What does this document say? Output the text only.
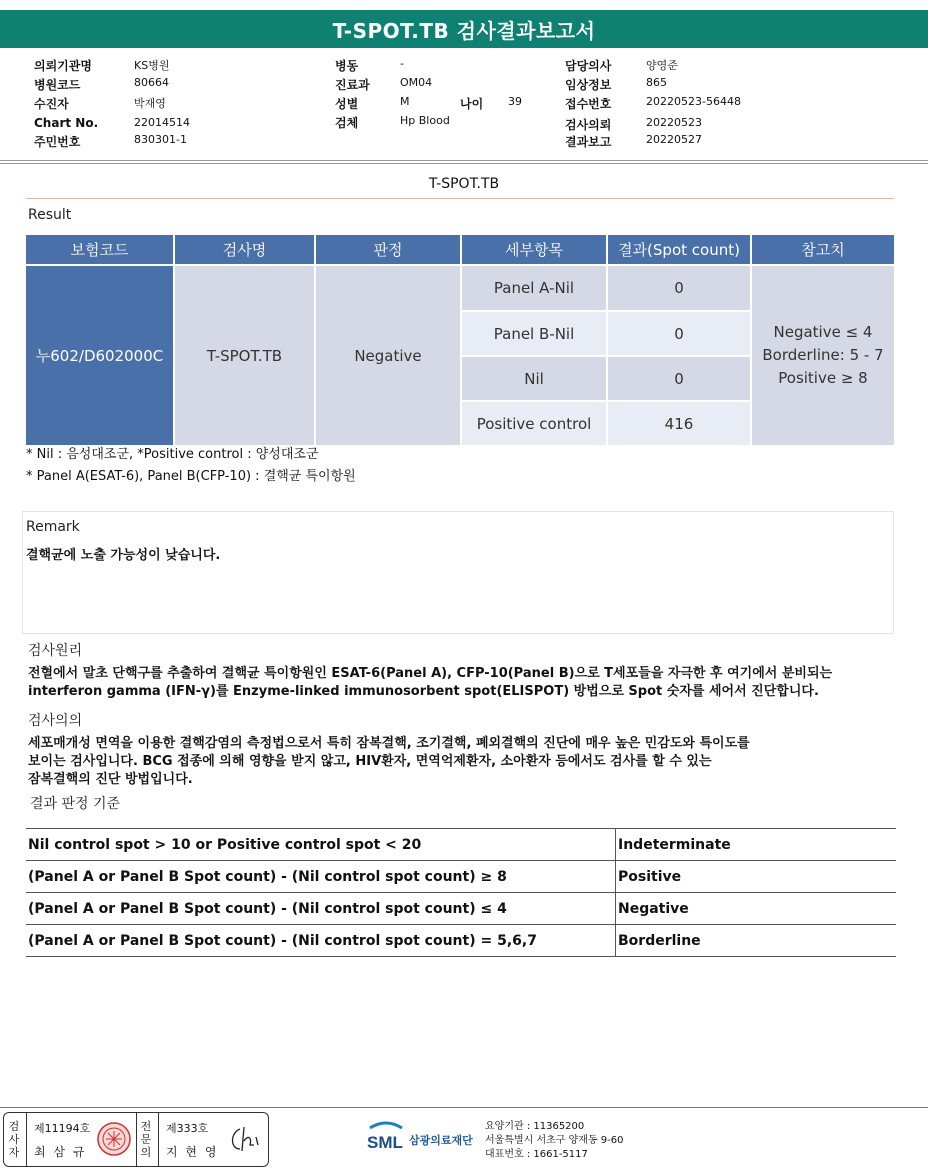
T-SPOT.TB 검사결과보고서
의뢰기관명	KS병원
병원코드	80664
수진자	박재영
Chart No.	22014514
주민번호	830301-1
병동	-
진료과	OM04
성별	M	나이 39
검체	Hp Blood
담당의사	양영준
임상정보	865
접수번호	20220523-56448
검사의뢰	20220523
결과보고	20220527
T-SPOT.TB
Result
보험코드	검사명	판정	세부항목	결과(Spot count)	참고치
누602/D602000C	T-SPOT.TB	Negative	Panel A-Nil	0	Negative ≤ 4
Borderline: 5 - 7
Positive ≥ 8

			Panel B-Nil	0	
			Nil	0	
			Positive control	416	
* Nil : 음성대조군, *Positive control : 양성대조군
* Panel A(ESAT-6), Panel B(CFP-10) : 결핵균 특이항원
Remark
결핵균에 노출 가능성이 낮습니다.
검사원리
전혈에서 말초 단핵구를 추출하여 결핵균 특이항원인 ESAT-6(Panel A), CFP-10(Panel B)으로 T세포들을 자극한 후 여기에서 분비되는
interferon gamma (IFN-γ)를 Enzyme-linked immunosorbent spot(ELISPOT) 방법으로 Spot 숫자를 세어서 진단합니다.
검사의의
세포매개성 면역을 이용한 결핵감염의 측정법으로서 특히 잠복결핵, 조기결핵, 폐외결핵의 진단에 매우 높은 민감도와 특이도를
보이는 검사입니다. BCG 접종에 의해 영향을 받지 않고, HIV환자, 면역억제환자, 소아환자 등에서도 검사를 할 수 있는
잠복결핵의 진단 방법입니다.
결과 판정 기준
Nil control spot > 10 or Positive control spot < 20	Indeterminate
(Panel A or Panel B Spot count) - (Nil control spot count) ≥ 8	Positive
(Panel A or Panel B Spot count) - (Nil control spot count) ≤ 4	Negative
(Panel A or Panel B Spot count) - (Nil control spot count) = 5,6,7	Borderline
검사자
제11194호
최 삼 규
전문의
제333호
지 현 영	SML 삼광의료재단
요양기관 : 11365200
서울특별시 서초구 양재동 9-60
대표번호 : 1661-5117
